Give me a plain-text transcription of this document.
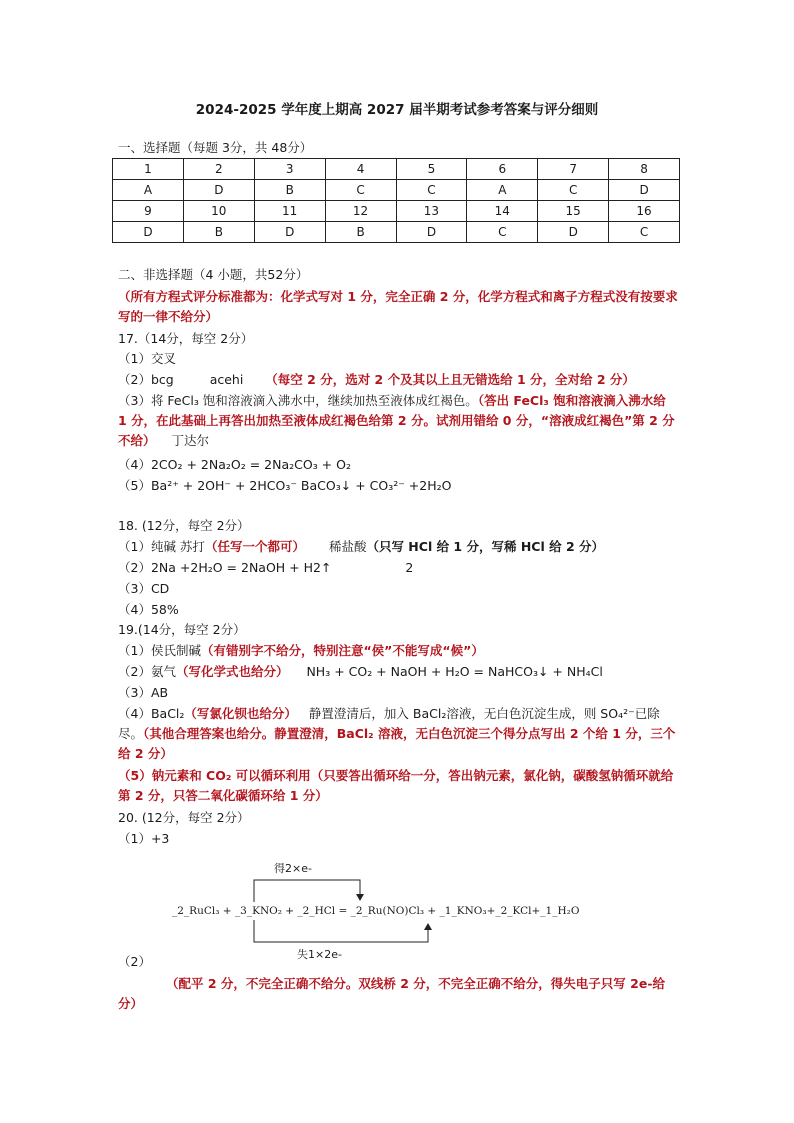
2024-2025 学年度上期高 2027 届半期考试参考答案与评分细则
一、选择题（每题 3分，共 48分）
1	2	3	4	5	6	7	8
A	D	B	C	C	A	C	D
9	10	11	12	13	14	15	16
D	B	D	B	D	C	D	C
二、非选择题（4 小题，共52分）
（所有方程式评分标准都为：化学式写对 1 分，完全正确 2 分，化学方程式和离子方程式没有按要求写的一律不给分）
17.（14分，每空 2分）
（1）交叉
（2）bcg	acehi （每空 2 分，选对 2 个及其以上且无错选给 1 分，全对给 2 分）
（3）将 FeCl₃ 饱和溶液滴入沸水中，继续加热至液体成红褐色。（答出 FeCl₃ 饱和溶液滴入沸水给 1 分，在此基础上再答出加热至液体成红褐色给第 2 分。试剂用错给 0 分，“溶液成红褐色”第 2 分不给） 丁达尔
（4）2CO₂ + 2Na₂O₂ = 2Na₂CO₃ + O₂
（5）Ba²⁺ + 2OH⁻ + 2HCO₃⁻ BaCO₃↓ + CO₃²⁻ +2H₂O
18. (12分，每空 2分）
（1）纯碱 苏打（任写一个都可） 稀盐酸（只写 HCl 给 1 分，写稀 HCl 给 2 分）
（2）2Na +2H₂O = 2NaOH + H2↑	2
（3）CD
（4）58%
19.(14分，每空 2分）
（1）侯氏制碱（有错别字不给分，特别注意“侯”不能写成“候”）
（2）氨气（写化学式也给分） NH₃ + CO₂ + NaOH + H₂O = NaHCO₃↓ + NH₄Cl
（3）AB
（4）BaCl₂（写氯化钡也给分） 静置澄清后，加入 BaCl₂溶液，无白色沉淀生成，则 SO₄²⁻已除尽。（其他合理答案也给分。静置澄清，BaCl₂ 溶液，无白色沉淀三个得分点写出 2 个给 1 分，三个给 2 分）
（5）钠元素和 CO₂ 可以循环利用（只要答出循环给一分，答出钠元素，氯化钠，碳酸氢钠循环就给第 2 分，只答二氧化碳循环给 1 分）
20. (12分，每空 2分）
（1）+3
得2×e-
_2_RuCl₃ + _3_KNO₂ + _2_HCl = _2_Ru(NO)Cl₃ + _1_KNO₃+_2_KCl+_1_H₂O
失1×2e-
（2）
（配平 2 分，不完全正确不给分。双线桥 2 分，不完全正确不给分，得失电子只写 2e-给分）
